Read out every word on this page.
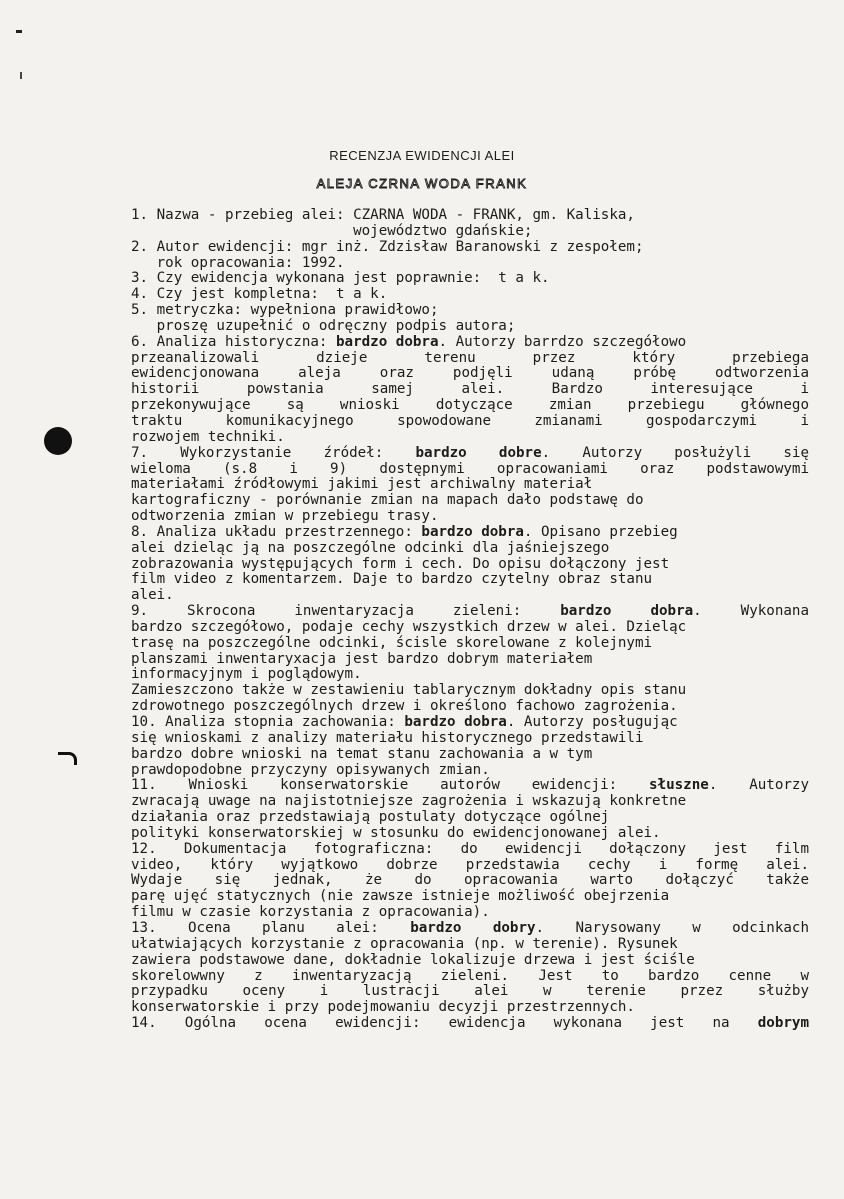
RECENZJA EWIDENCJI ALEI
ALEJA CZRNA WODA FRANK

1. Nazwa - przebieg alei: CZARNA WODA - FRANK, gm. Kaliska,

województwo gdańskie;

2. Autor ewidencji: mgr inż. Zdzisław Baranowski z zespołem;

rok opracowania: 1992.

3. Czy ewidencja wykonana jest poprawnie:  t a k.

4. Czy jest kompletna:  t a k.

5. metryczka: wypełniona prawidłowo;

proszę uzupełnić o odręczny podpis autora;

6. Analiza historyczna: bardzo dobra. Autorzy barrdzo szczegółowo

przeanalizowali dzieje terenu przez który przebiega

ewidencjonowana aleja oraz podjęli udaną próbę odtworzenia

historii powstania samej alei. Bardzo interesujące i

przekonywujące są wnioski dotyczące zmian przebiegu głównego

traktu komunikacyjnego spowodowane zmianami gospodarczymi i

rozwojem techniki.

7. Wykorzystanie źródeł: bardzo dobre. Autorzy posłużyli się

wieloma (s.8 i 9) dostępnymi opracowaniami oraz podstawowymi

materiałami źródłowymi jakimi jest archiwalny materiał

kartograficzny - porównanie zmian na mapach dało podstawę do

odtworzenia zmian w przebiegu trasy.

8. Analiza układu przestrzennego: bardzo dobra. Opisano przebieg

alei dzieląc ją na poszczególne odcinki dla jaśniejszego

zobrazowania występujących form i cech. Do opisu dołączony jest

film video z komentarzem. Daje to bardzo czytelny obraz stanu

alei.

9. Skrocona inwentaryzacja zieleni: bardzo dobra. Wykonana

bardzo szczegółowo, podaje cechy wszystkich drzew w alei. Dzieląc

trasę na poszczególne odcinki, ścisle skorelowane z kolejnymi

planszami inwentaryxacja jest bardzo dobrym materiałem

informacyjnym i poglądowym.

Zamieszczono także w zestawieniu tablarycznym dokładny opis stanu

zdrowotnego poszczególnych drzew i określono fachowo zagrożenia.

10. Analiza stopnia zachowania: bardzo dobra. Autorzy posługując

się wnioskami z analizy materiału historycznego przedstawili

bardzo dobre wnioski na temat stanu zachowania a w tym

prawdopodobne przyczyny opisywanych zmian.

11. Wnioski konserwatorskie autorów ewidencji: słuszne. Autorzy

zwracają uwage na najistotniejsze zagrożenia i wskazują konkretne

działania oraz przedstawiają postulaty dotyczące ogólnej

polityki konserwatorskiej w stosunku do ewidencjonowanej alei.

12. Dokumentacja fotograficzna: do ewidencji dołączony jest film

video, który wyjątkowo dobrze przedstawia cechy i formę alei.

Wydaje się jednak, że do opracowania warto dołączyć także

parę ujęć statycznych (nie zawsze istnieje możliwość obejrzenia

filmu w czasie korzystania z opracowania).

13. Ocena planu alei: bardzo dobry. Narysowany w odcinkach

ułatwiających korzystanie z opracowania (np. w terenie). Rysunek

zawiera podstawowe dane, dokładnie lokalizuje drzewa i jest ściśle

skorelowwny z inwentaryzacją zieleni. Jest to bardzo cenne w

przypadku oceny i lustracji alei w terenie przez służby

konserwatorskie i przy podejmowaniu decyzji przestrzennych.

14. Ogólna ocena ewidencji: ewidencja wykonana jest na dobrym
